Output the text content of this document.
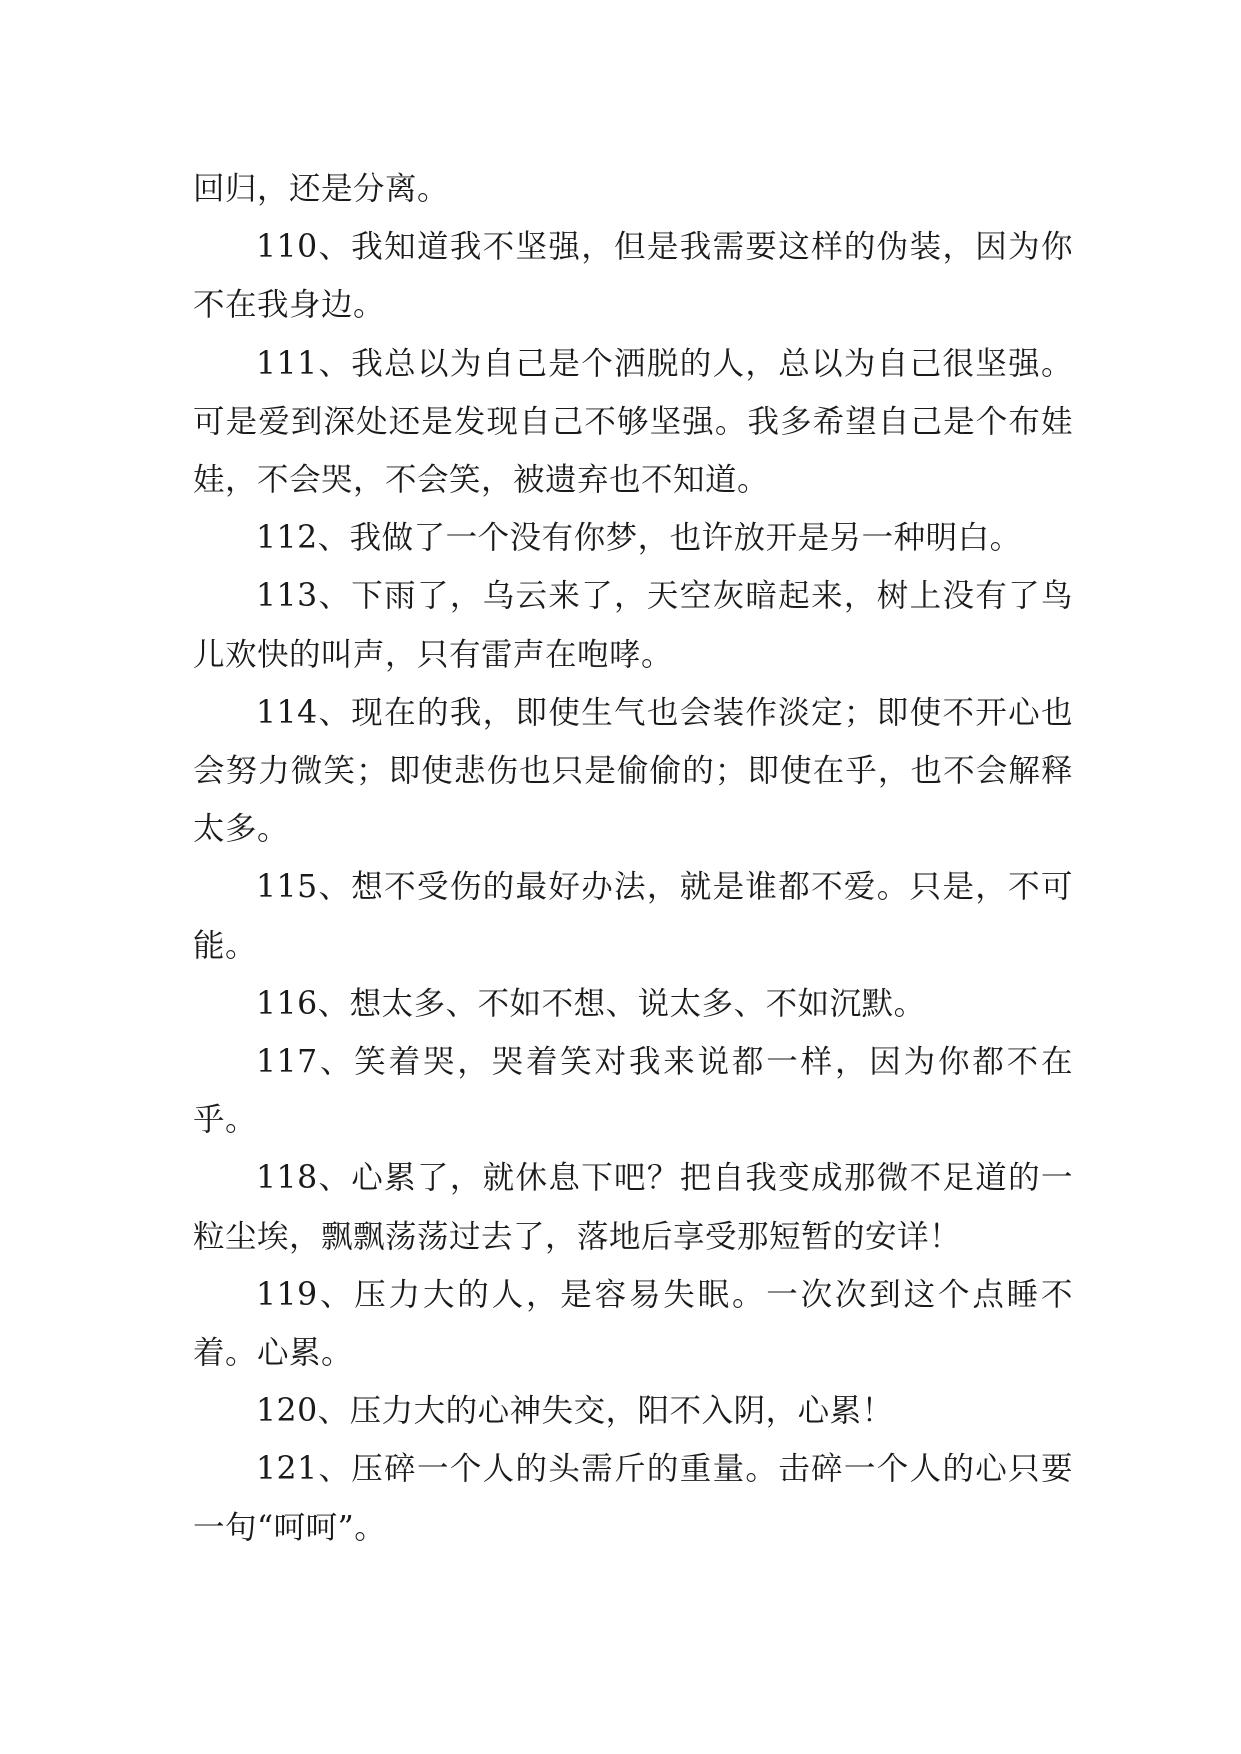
回归，还是分离。

110、我知道我不坚强，但是我需要这样的伪装，因为你不在我身边。

111、我总以为自己是个洒脱的人，总以为自己很坚强。可是爱到深处还是发现自己不够坚强。我多希望自己是个布娃娃，不会哭，不会笑，被遗弃也不知道。

112、我做了一个没有你梦，也许放开是另一种明白。

113、下雨了，乌云来了，天空灰暗起来，树上没有了鸟儿欢快的叫声，只有雷声在咆哮。

114、现在的我，即使生气也会装作淡定；即使不开心也会努力微笑；即使悲伤也只是偷偷的；即使在乎，也不会解释太多。

115、想不受伤的最好办法，就是谁都不爱。只是，不可能。

116、想太多、不如不想、说太多、不如沉默。

117、笑着哭，哭着笑对我来说都一样，因为你都不在乎。

118、心累了，就休息下吧？把自我变成那微不足道的一粒尘埃，飘飘荡荡过去了，落地后享受那短暂的安详！

119、压力大的人，是容易失眠。一次次到这个点睡不着。心累。

120、压力大的心神失交，阳不入阴，心累！

121、压碎一个人的头需斤的重量。击碎一个人的心只要一句“呵呵”。
